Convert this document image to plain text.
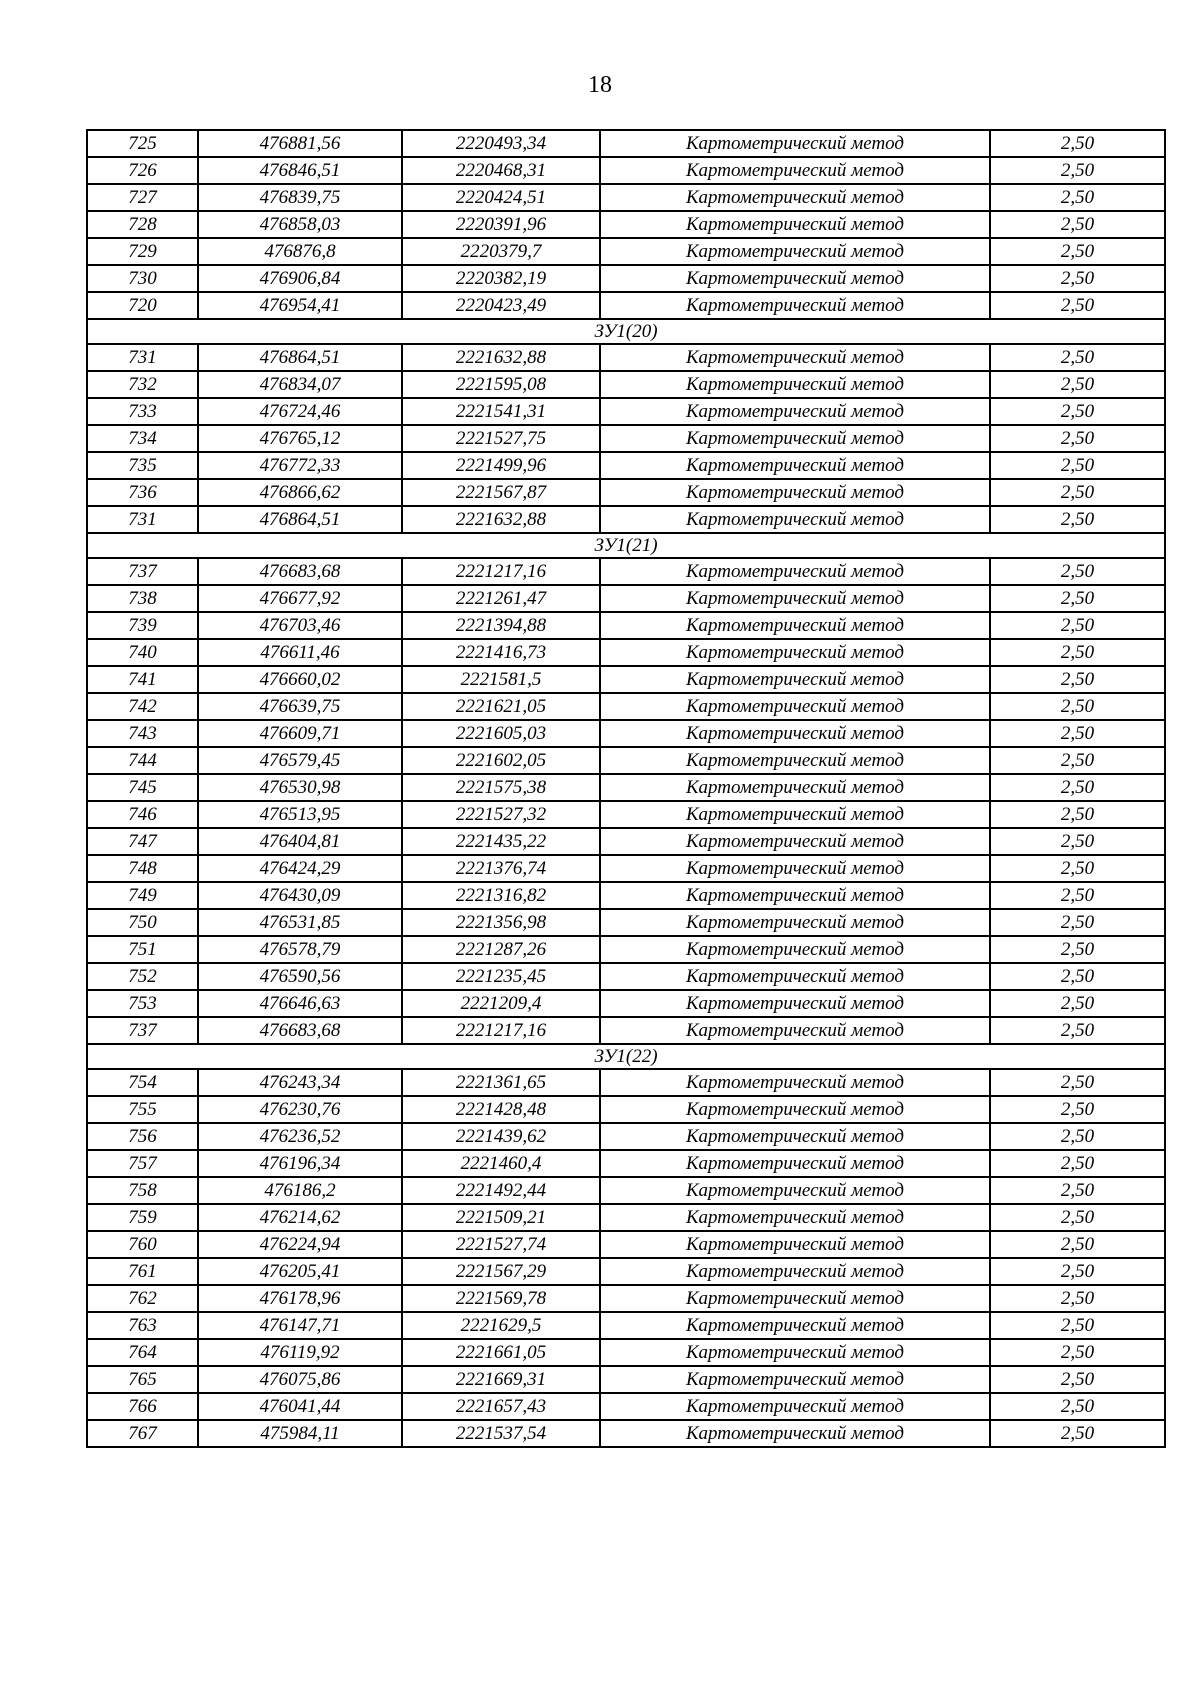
18
725	476881,56	2220493,34	Картометрический метод	2,50
726	476846,51	2220468,31	Картометрический метод	2,50
727	476839,75	2220424,51	Картометрический метод	2,50
728	476858,03	2220391,96	Картометрический метод	2,50
729	476876,8	2220379,7	Картометрический метод	2,50
730	476906,84	2220382,19	Картометрический метод	2,50
720	476954,41	2220423,49	Картометрический метод	2,50
ЗУ1(20)				
731	476864,51	2221632,88	Картометрический метод	2,50
732	476834,07	2221595,08	Картометрический метод	2,50
733	476724,46	2221541,31	Картометрический метод	2,50
734	476765,12	2221527,75	Картометрический метод	2,50
735	476772,33	2221499,96	Картометрический метод	2,50
736	476866,62	2221567,87	Картометрический метод	2,50
731	476864,51	2221632,88	Картометрический метод	2,50
ЗУ1(21)				
737	476683,68	2221217,16	Картометрический метод	2,50
738	476677,92	2221261,47	Картометрический метод	2,50
739	476703,46	2221394,88	Картометрический метод	2,50
740	476611,46	2221416,73	Картометрический метод	2,50
741	476660,02	2221581,5	Картометрический метод	2,50
742	476639,75	2221621,05	Картометрический метод	2,50
743	476609,71	2221605,03	Картометрический метод	2,50
744	476579,45	2221602,05	Картометрический метод	2,50
745	476530,98	2221575,38	Картометрический метод	2,50
746	476513,95	2221527,32	Картометрический метод	2,50
747	476404,81	2221435,22	Картометрический метод	2,50
748	476424,29	2221376,74	Картометрический метод	2,50
749	476430,09	2221316,82	Картометрический метод	2,50
750	476531,85	2221356,98	Картометрический метод	2,50
751	476578,79	2221287,26	Картометрический метод	2,50
752	476590,56	2221235,45	Картометрический метод	2,50
753	476646,63	2221209,4	Картометрический метод	2,50
737	476683,68	2221217,16	Картометрический метод	2,50
ЗУ1(22)				
754	476243,34	2221361,65	Картометрический метод	2,50
755	476230,76	2221428,48	Картометрический метод	2,50
756	476236,52	2221439,62	Картометрический метод	2,50
757	476196,34	2221460,4	Картометрический метод	2,50
758	476186,2	2221492,44	Картометрический метод	2,50
759	476214,62	2221509,21	Картометрический метод	2,50
760	476224,94	2221527,74	Картометрический метод	2,50
761	476205,41	2221567,29	Картометрический метод	2,50
762	476178,96	2221569,78	Картометрический метод	2,50
763	476147,71	2221629,5	Картометрический метод	2,50
764	476119,92	2221661,05	Картометрический метод	2,50
765	476075,86	2221669,31	Картометрический метод	2,50
766	476041,44	2221657,43	Картометрический метод	2,50
767	475984,11	2221537,54	Картометрический метод	2,50
